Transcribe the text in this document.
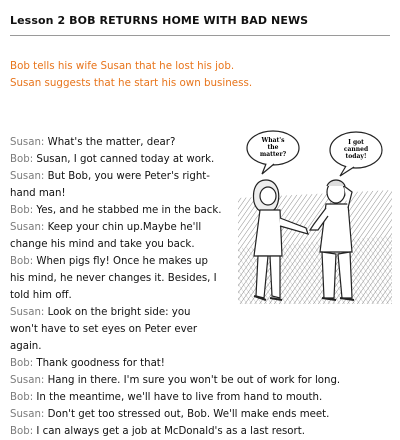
Lesson 2 BOB RETURNS HOME WITH BAD NEWS
Bob tells his wife Susan that he lost his job.
Susan suggests that he start his own business.
What's
the
matter?
I got
canned
today!
Susan: What's the matter, dear?
Bob: Susan, I got canned today at work.
Susan: But Bob, you were Peter's right-hand man!
Bob: Yes, and he stabbed me in the back.
Susan: Keep your chin up.Maybe he'll change his mind and take you back.
Bob: When pigs fly! Once he makes up his mind, he never changes it. Besides, I told him off.
Susan: Look on the bright side: you won't have to set eyes on Peter ever again.
Bob: Thank goodness for that!
Susan: Hang in there. I'm sure you won't be out of work for long.
Bob: In the meantime, we'll have to live from hand to mouth.
Susan: Don't get too stressed out, Bob. We'll make ends meet.
Bob: I can always get a job at McDonald's as a last resort.
